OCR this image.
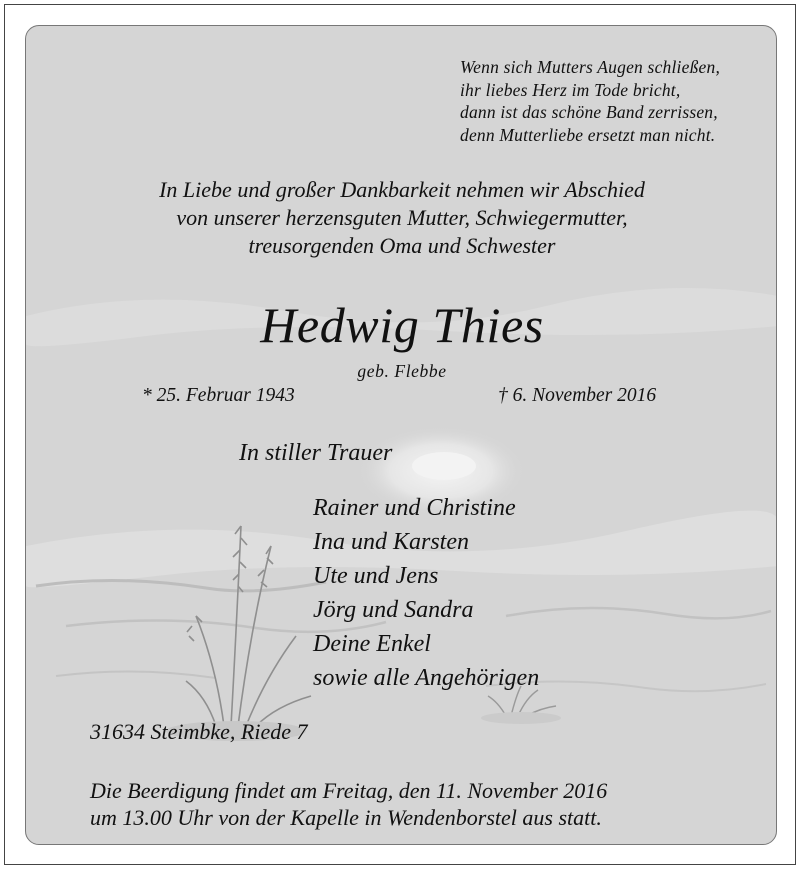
Wenn sich Mutters Augen schließen,
ihr liebes Herz im Tode bricht,
dann ist das schöne Band zerrissen,
denn Mutterliebe ersetzt man nicht.
In Liebe und großer Dankbarkeit nehmen wir Abschied
von unserer herzensguten Mutter, Schwiegermutter,
treusorgenden Oma und Schwester
Hedwig Thies
geb. Flebbe
* 25. Februar 1943	† 6. November 2016
In stiller Trauer
Rainer und Christine
Ina und Karsten
Ute und Jens
Jörg und Sandra
Deine Enkel
sowie alle Angehörigen
31634 Steimbke, Riede 7
Die Beerdigung findet am Freitag, den 11. November 2016
um 13.00 Uhr von der Kapelle in Wendenborstel aus statt.
